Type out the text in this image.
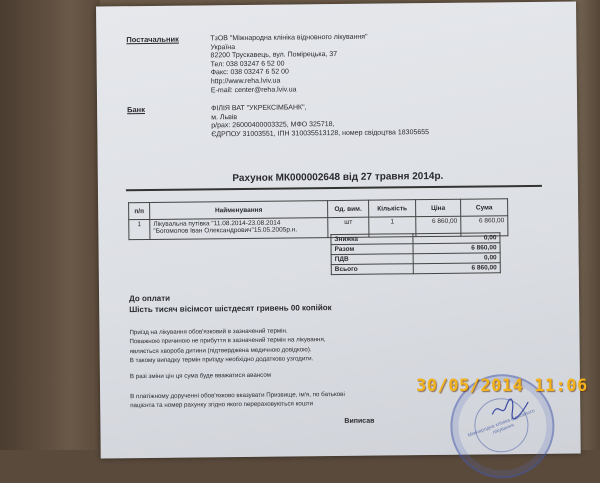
Постачальник	ТзОВ "Міжнародна клініка відновного лікування"
Україна
82200 Трускавець, вул. Помірецька, 37
Тел: 038 03247 6 52 00
Факс: 038 03247 6 52 00
http://www.reha.lviv.ua
E-mail: center@reha.lviv.ua
Банк	ФІЛІЯ ВАТ "УКРЕКСІМБАНК",
м. Львів
р/рах: 26000400003325, МФО 325718,
ЄДРПОУ 31003551, ІПН 310035513128, номер свідоцтва 18305655
Рахунок МК000002648 від 27 травня 2014р.
п/п	Найменування	Од. вим.	Кількість	Ціна	Сума
1	Лікувальна путівка "11.08.2014-23.08.2014
"Богомолов Іван Олександрович"15.05.2005р.н.	шт	1	6 860,00	6 860,00
Знижка	0,00
Разом	6 860,00
ПДВ	0,00
Всього	6 860,00
До оплати
Шість тисяч вісімсот шістдесят гривень 00 копійок
Приїзд на лікування обов'язковий в зазначений термін.
Поважною причиною не прибуття в зазначений термін на лікування,
являється хвороба дитини (підтверджена медичною довідкою).
В такому випадку термін приїзду необхідно додатково узгодити.
В разі зміни цін ця сума буде вважатися авансом
В платіжному дорученні обов'язково вказувати Призвище, ім'я, по батькові
пацієнта та номер рахунку згідно якого перераховуються кошти
Виписав	Міжнародна клініка відновного лікування
30/05/2014 11:06
